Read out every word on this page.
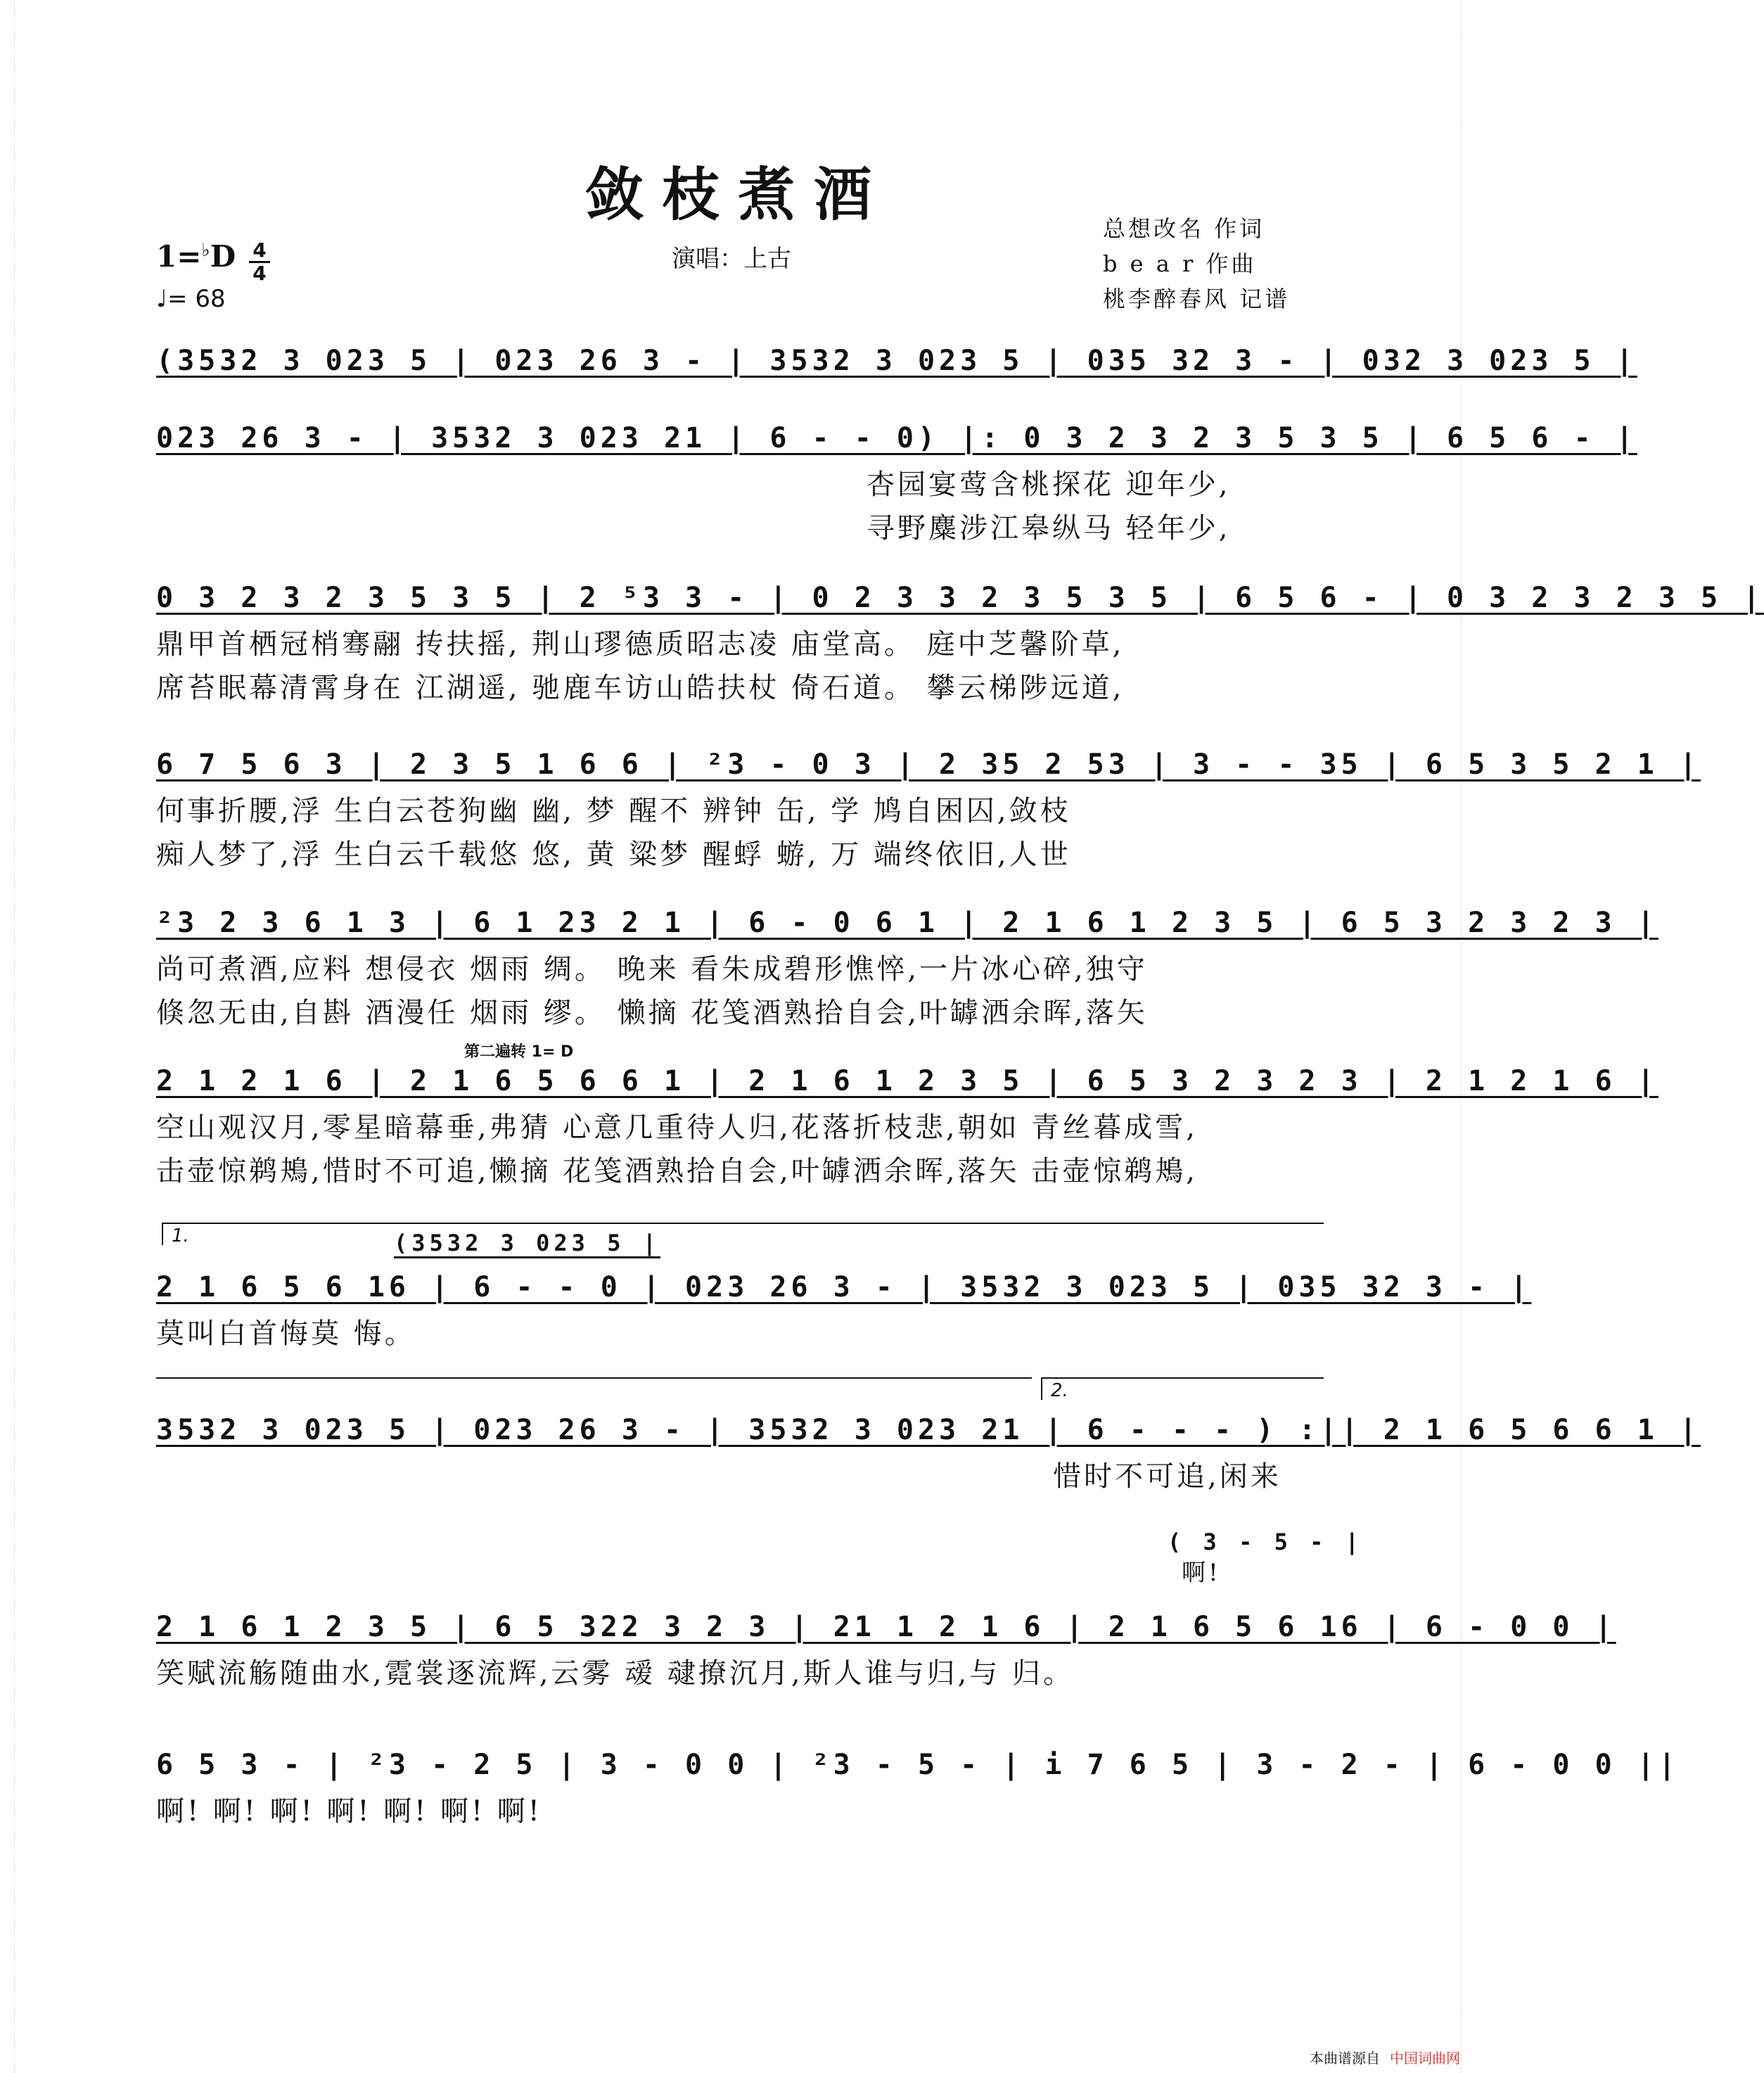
敛枝煮酒
演唱：上古
总想改名 作词
b e a r 作曲
桃李醉春风 记谱
1=♭D 4
4
♩= 68
(3532 3 023 5 | 023 26 3 - | 3532 3 023 5 | 035 32 3 - | 032 3 023 5 |
023 26 3 - | 3532 3 023 21 | 6 - - 0) |: 0 3 2 3 2 3 5 3 5 | 6 5 6 - |
杏园宴莺含桃探花 迎年少,
寻野麋涉江皋纵马 轻年少,
0 3 2 3 2 3 5 3 5 | 2 ⁵3 3 - | 0 2 3 3 2 3 5 3 5 | 6 5 6 - | 0 3 2 3 2 3 5 |
鼎甲首栖冠梢骞翮 抟扶摇, 荆山璆德质昭志凌 庙堂高。 庭中芝馨阶草,
席苔眠幕清霄身在 江湖遥, 驰鹿车访山皓扶杖 倚石道。 攀云梯陟远道,
6 7 5 6 3 | 2 3 5 1 6 6 | ²3 - 0 3 | 2 35 2 53 | 3 - - 35 | 6 5 3 5 2 1 |
何事折腰,浮 生白云苍狗幽 幽, 梦 醒不 辨钟 缶, 学 鸠自困囚,敛枝
痴人梦了,浮 生白云千载悠 悠, 黄 粱梦 醒蜉 蝣, 万 端终依旧,人世
²3 2 3 6 1 3 | 6 1 23 2 1 | 6 - 0 6 1 | 2 1 6 1 2 3 5 | 6 5 3 2 3 2 3 |
尚可煮酒,应料 想侵衣 烟雨 绸。 晚来 看朱成碧形憔悴,一片冰心碎,独守
倏忽无由,自斟 酒漫任 烟雨 缪。 懒摘 花笺酒熟拾自会,叶罅洒余晖,落矢
第二遍转 1= D
2 1 2 1 6 | 2 1 6 5 6 6 1 | 2 1 6 1 2 3 5 | 6 5 3 2 3 2 3 | 2 1 2 1 6 |
空山观汉月,零星暗幕垂,弗猜 心意几重待人归,花落折枝悲,朝如 青丝暮成雪,
击壶惊鹈鴂,惜时不可追,懒摘 花笺酒熟拾自会,叶罅洒余晖,落矢 击壶惊鹈鴂,
1.	(3532 3 023 5 |
2 1 6 5 6 16 | 6 - - 0 | 023 26 3 - | 3532 3 023 5 | 035 32 3 - |
莫叫白首悔莫 悔。
2.
3532 3 023 5 | 023 26 3 - | 3532 3 023 21 | 6 - - - ) :|| 2 1 6 5 6 6 1 |
惜时不可追,闲来
( 3 - 5 - |
啊!
2 1 6 1 2 3 5 | 6 5 322 3 2 3 | 21 1 2 1 6 | 2 1 6 5 6 16 | 6 - 0 0 |
笑赋流觞随曲水,霓裳逐流辉,云雾 叆 叇撩沉月,斯人谁与归,与 归。
6 5 3 - | ²3 - 2 5 | 3 - 0 0 | ²3 - 5 - | i 7 6 5 | 3 - 2 - | 6 - 0 0 ||
啊! 啊! 啊! 啊! 啊! 啊! 啊!
本曲谱源自 中国词曲网
